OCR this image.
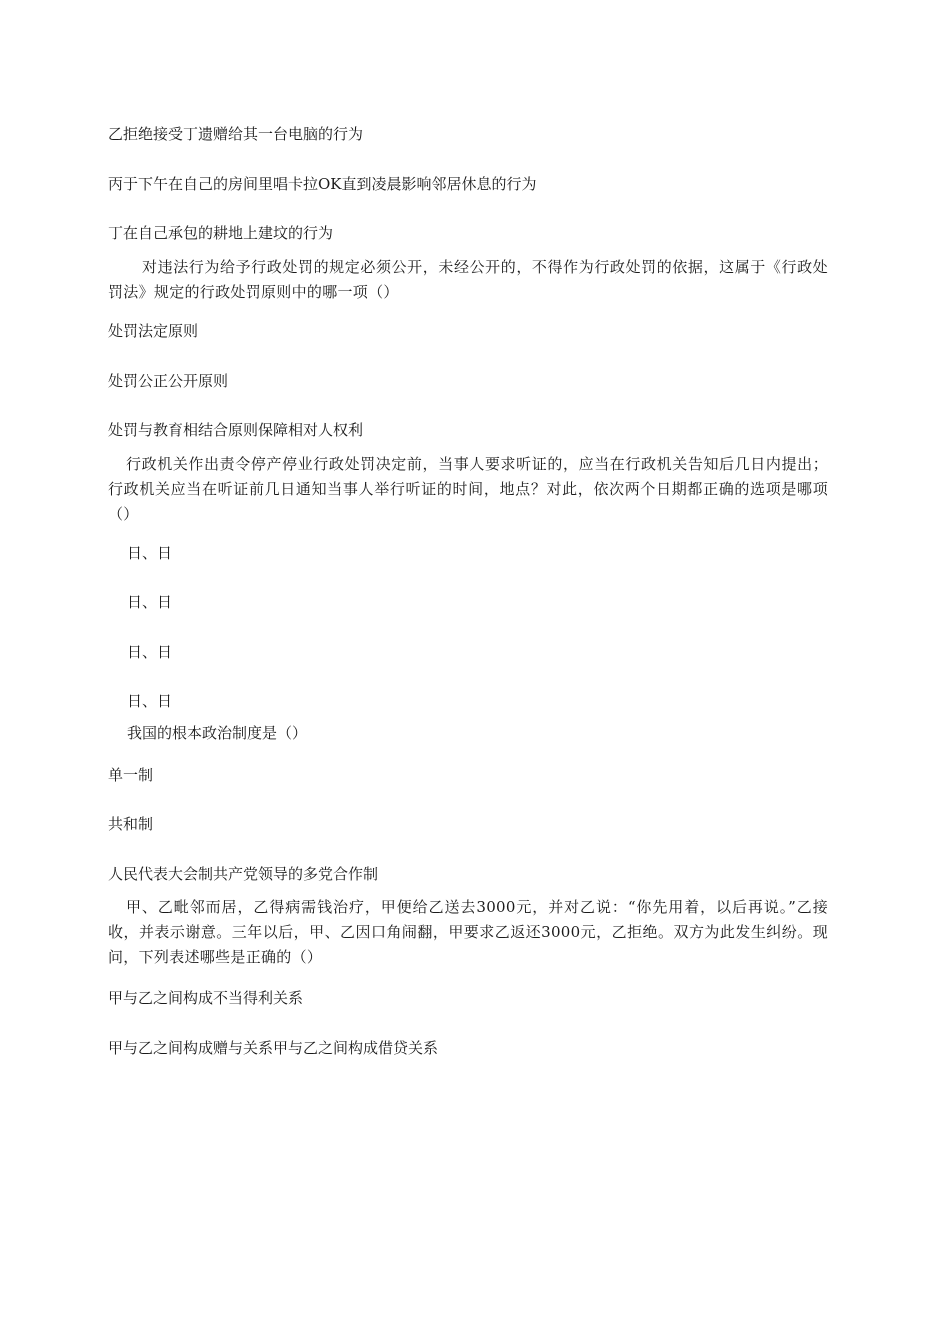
乙拒绝接受丁遗赠给其一台电脑的行为
丙于下午在自己的房间里唱卡拉OK直到凌晨影响邻居休息的行为
丁在自己承包的耕地上建坟的行为
对违法行为给予行政处罚的规定必须公开，未经公开的，不得作为行政处罚的依据，这属于《行政处罚法》规定的行政处罚原则中的哪一项（）
处罚法定原则
处罚公正公开原则
处罚与教育相结合原则保障相对人权利
行政机关作出责令停产停业行政处罚决定前，当事人要求听证的，应当在行政机关告知后几日内提出；行政机关应当在听证前几日通知当事人举行听证的时间，地点？对此，依次两个日期都正确的选项是哪项（）
日、日
日、日
日、日
日、日
我国的根本政治制度是（）
单一制
共和制
人民代表大会制共产党领导的多党合作制
甲、乙毗邻而居，乙得病需钱治疗，甲便给乙送去3000元，并对乙说：“你先用着，以后再说。”乙接收，并表示谢意。三年以后，甲、乙因口角闹翻，甲要求乙返还3000元，乙拒绝。双方为此发生纠纷。现问，下列表述哪些是正确的（）
甲与乙之间构成不当得利关系
甲与乙之间构成赠与关系甲与乙之间构成借贷关系
